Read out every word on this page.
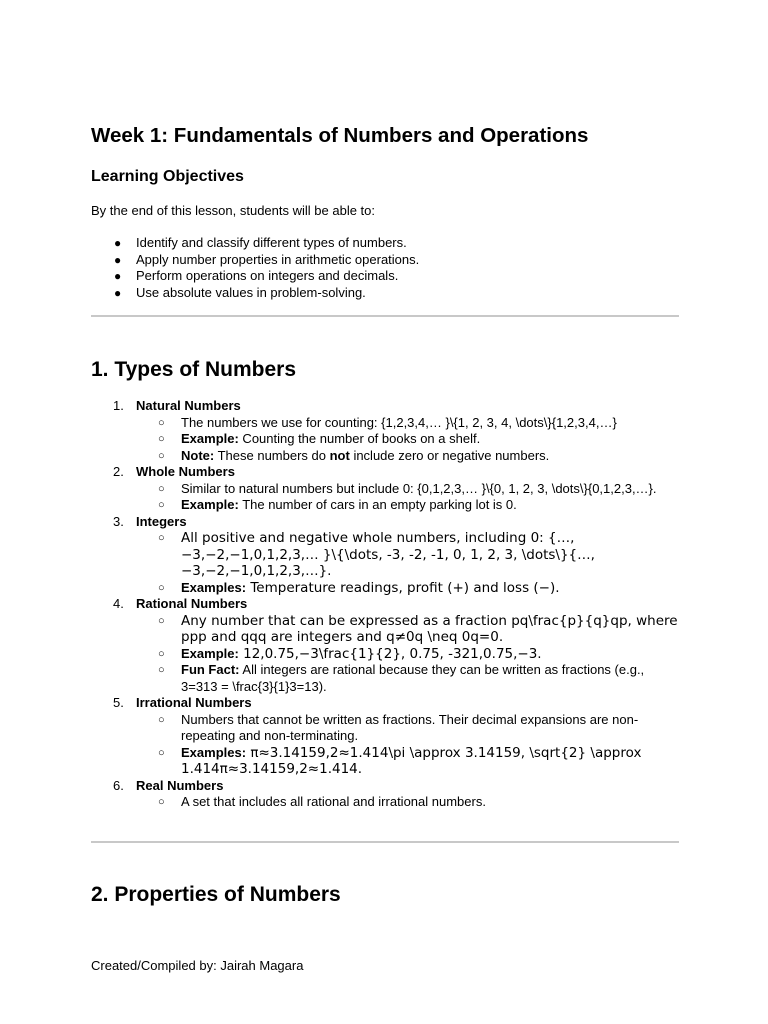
Week 1: Fundamentals of Numbers and Operations
Learning Objectives

By the end of this lesson, students will be able to:

● Identify and classify different types of numbers.
● Apply number properties in arithmetic operations.
● Perform operations on integers and decimals.
● Use absolute values in problem-solving.
1. Types of Numbers
1. Natural Numbers
○ The numbers we use for counting: {1,2,3,4,… }\{1, 2, 3, 4, \dots\}{1,2,3,4,…}
○ Example: Counting the number of books on a shelf.
○ Note: These numbers do not include zero or negative numbers.
2. Whole Numbers
○ Similar to natural numbers but include 0: {0,1,2,3,… }\{0, 1, 2, 3, \dots\}{0,1,2,3,…}.
○ Example: The number of cars in an empty parking lot is 0.
3. Integers
○ All positive and negative whole numbers, including 0: {…,−3,−2,−1,0,1,2,3,… }\{\dots, -3, -2, -1, 0, 1, 2, 3, \dots\}{…,−3,−2,−1,0,1,2,3,…}.
○ Examples: Temperature readings, profit (+) and loss (−).
4. Rational Numbers
○ Any number that can be expressed as a fraction pq\frac{p}{q}qp, where ppp and qqq are integers and q≠0q \neq 0q=0.
○ Example: 12,0.75,−3\frac{1}{2}, 0.75, -321,0.75,−3.
○ Fun Fact: All integers are rational because they can be written as fractions (e.g., 3=313 = \frac{3}{1}3=13).
5. Irrational Numbers
○ Numbers that cannot be written as fractions. Their decimal expansions are non-repeating and non-terminating.
○ Examples: π≈3.14159,2≈1.414\pi \approx 3.14159, \sqrt{2} \approx 1.414π≈3.14159,2≈1.414.
6. Real Numbers
○ A set that includes all rational and irrational numbers.
2. Properties of Numbers

Created/Compiled by: Jairah Magara
